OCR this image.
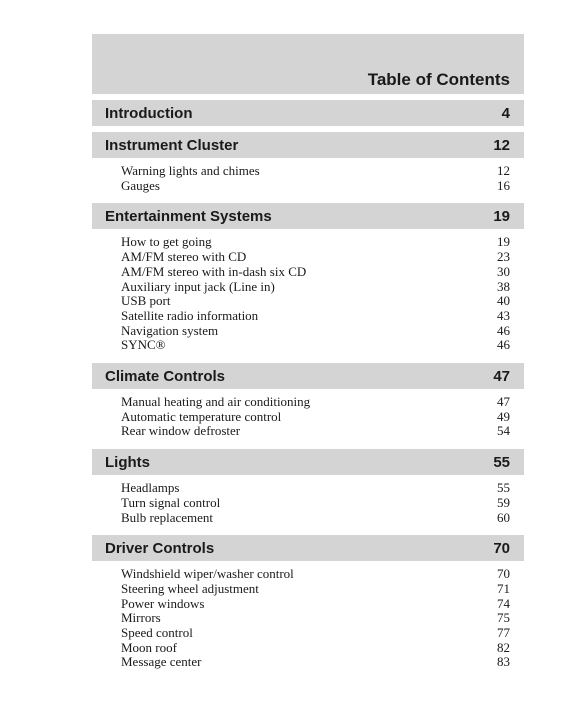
Table of Contents
Introduction	4
Instrument Cluster	12
Warning lights and chimes	12
Gauges	16
Entertainment Systems	19
How to get going	19
AM/FM stereo with CD	23
AM/FM stereo with in-dash six CD	30
Auxiliary input jack (Line in)	38
USB port	40
Satellite radio information	43
Navigation system	46
SYNC®	46
Climate Controls	47
Manual heating and air conditioning	47
Automatic temperature control	49
Rear window defroster	54
Lights	55
Headlamps	55
Turn signal control	59
Bulb replacement	60
Driver Controls	70
Windshield wiper/washer control	70
Steering wheel adjustment	71
Power windows	74
Mirrors	75
Speed control	77
Moon roof	82
Message center	83
